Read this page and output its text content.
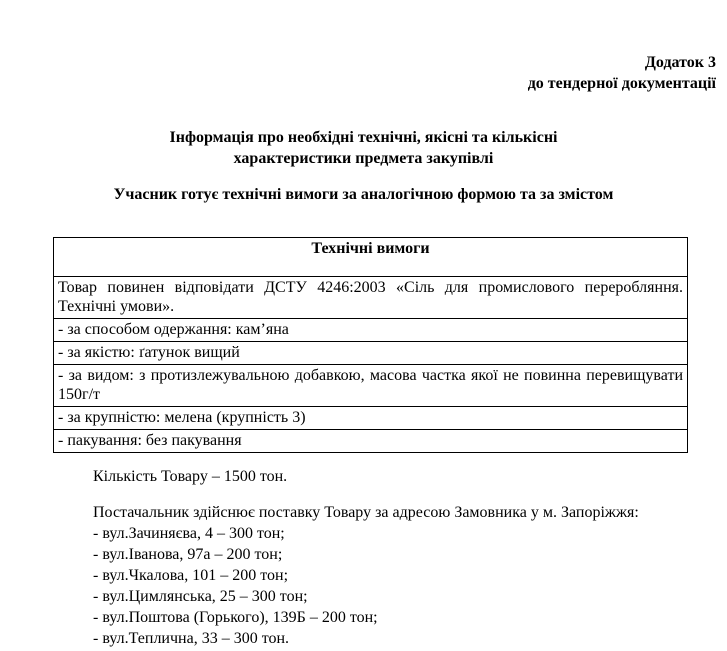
Додаток 3
до тендерної документації
Інформація про необхідні технічні, якісні та кількісні
характеристики предмета закупівлі
Учасник готує технічні вимоги за аналогічною формою та за змістом
Технічні вимоги
Товар повинен відповідати ДСТУ 4246:2003 «Сіль для промислового переробляння. Технічні умови».
- за способом одержання: кам’яна
- за якістю: ґатунок вищий
- за видом: з протизлежувальною добавкою, масова частка якої не повинна перевищувати 150г/т
- за крупністю: мелена (крупність 3)
- пакування: без пакування

Кількість Товару – 1500 тон.

Постачальник здійснює поставку Товару за адресою Замовника у м. Запоріжжя:

- вул.Зачиняєва, 4 – 300 тон;

- вул.Іванова, 97а – 200 тон;

- вул.Чкалова, 101 – 200 тон;

- вул.Цимлянська, 25 – 300 тон;

- вул.Поштова (Горького), 139Б – 200 тон;

- вул.Теплична, 33 – 300 тон.
